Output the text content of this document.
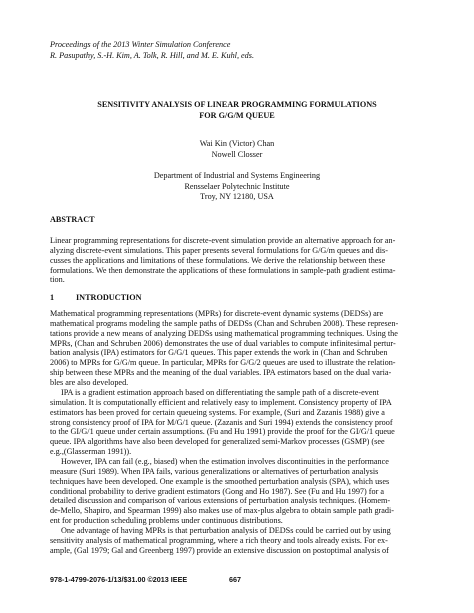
Proceedings of the 2013 Winter Simulation Conference
R. Pasupathy, S.-H. Kim, A. Tolk, R. Hill, and M. E. Kuhl, eds.
SENSITIVITY ANALYSIS OF LINEAR PROGRAMMING FORMULATIONS
FOR G/G/M QUEUE
Wai Kin (Victor) Chan
Nowell Closser
Department of Industrial and Systems Engineering
Rensselaer Polytechnic Institute
Troy, NY 12180, USA
ABSTRACT
Linear programming representations for discrete-event simulation provide an alternative approach for an-
alyzing discrete-event simulations. This paper presents several formulations for G/G/m queues and dis-
cusses the applications and limitations of these formulations. We derive the relationship between these
formulations. We then demonstrate the applications of these formulations in sample-path gradient estima-
tion.
1	INTRODUCTION
Mathematical programming representations (MPRs) for discrete-event dynamic systems (DEDSs) are
mathematical programs modeling the sample paths of DEDSs (Chan and Schruben 2008). These represen-
tations provide a new means of analyzing DEDSs using mathematical programming techniques. Using the
MPRs, (Chan and Schruben 2006) demonstrates the use of dual variables to compute infinitesimal pertur-
bation analysis (IPA) estimators for G/G/1 queues. This paper extends the work in (Chan and Schruben
2006) to MPRs for G/G/m queue. In particular, MPRs for G/G/2 queues are used to illustrate the relation-
ship between these MPRs and the meaning of the dual variables. IPA estimators based on the dual varia-
bles are also developed.
IPA is a gradient estimation approach based on differentiating the sample path of a discrete-event
simulation. It is computationally efficient and relatively easy to implement. Consistency property of IPA
estimators has been proved for certain queueing systems. For example, (Suri and Zazanis 1988) give a
strong consistency proof of IPA for M/G/1 queue. (Zazanis and Suri 1994) extends the consistency proof
to the GI/G/1 queue under certain assumptions. (Fu and Hu 1991) provide the proof for the GI/G/1 queue
queue. IPA algorithms have also been developed for generalized semi-Markov processes (GSMP) (see
e.g.,(Glasserman 1991)).
However, IPA can fail (e.g., biased) when the estimation involves discontinuities in the performance
measure (Suri 1989). When IPA fails, various generalizations or alternatives of perturbation analysis
techniques have been developed. One example is the smoothed perturbation analysis (SPA), which uses
conditional probability to derive gradient estimators (Gong and Ho 1987). See (Fu and Hu 1997) for a
detailed discussion and comparison of various extensions of perturbation analysis techniques. (Homem-
de-Mello, Shapiro, and Spearman 1999) also makes use of max-plus algebra to obtain sample path gradi-
ent for production scheduling problems under continuous distributions.
One advantage of having MPRs is that perturbation analysis of DEDSs could be carried out by using
sensitivity analysis of mathematical programming, where a rich theory and tools already exists. For ex-
ample, (Gal 1979; Gal and Greenberg 1997) provide an extensive discussion on postoptimal analysis of
978-1-4799-2076-1/13/$31.00 ©2013 IEEE	667
